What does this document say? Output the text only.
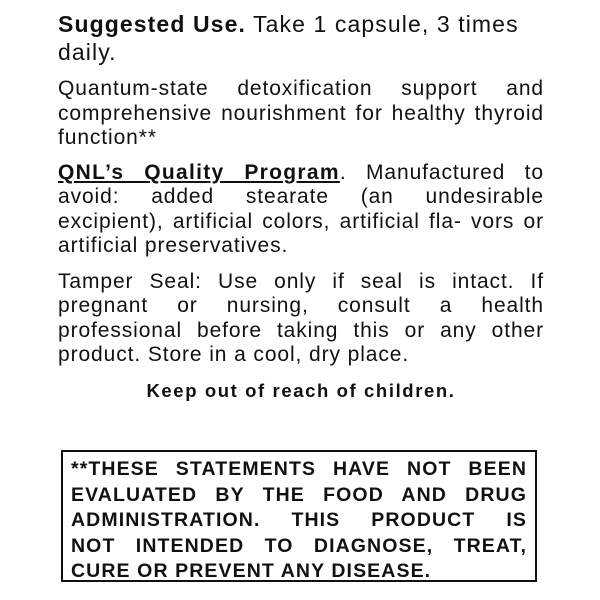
Suggested Use. Take 1 capsule, 3 times daily.

Quantum-state detoxification support and comprehensive nourishment for healthy thyroid function**

QNL’s Quality Program. Manufactured to avoid: added stearate (an undesirable excipient), artificial colors, artificial fla- vors or artificial preservatives.

Tamper Seal: Use only if seal is intact. If pregnant or nursing, consult a health professional before taking this or any other product. Store in a cool, dry place.

Keep out of reach of children.
**THESE STATEMENTS HAVE NOT BEEN
EVALUATED BY THE FOOD AND DRUG
ADMINISTRATION. THIS PRODUCT IS
NOT INTENDED TO DIAGNOSE, TREAT,
CURE OR PREVENT ANY DISEASE.
